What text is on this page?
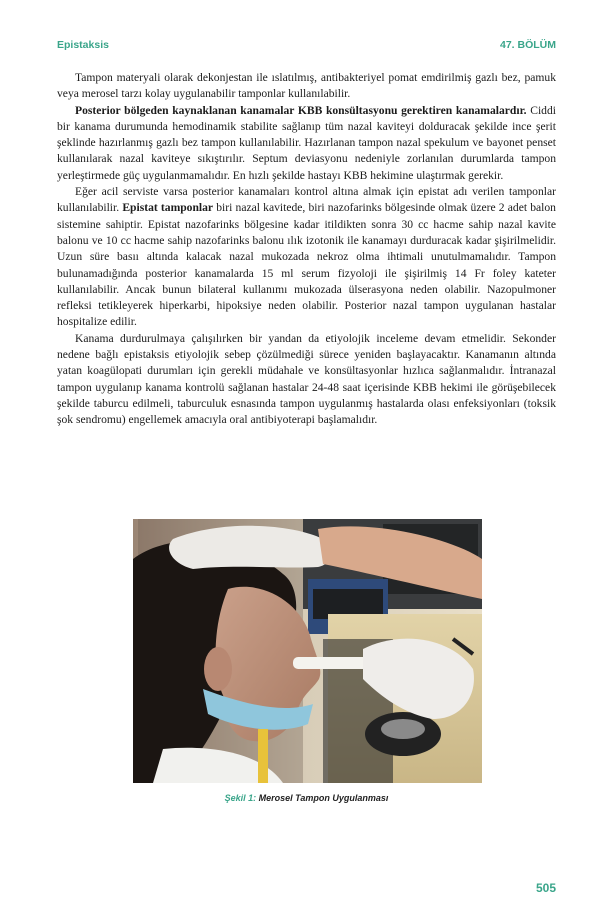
Epistaksis	47. BÖLÜM

Tampon materyali olarak dekonjestan ile ıslatılmış, antibakteriyel pomat emdirilmiş gazlı bez, pamuk veya merosel tarzı kolay uygulanabilir tamponlar kullanılabilir.

Posterior bölgeden kaynaklanan kanamalar KBB konsültasyonu gerektiren kanamalardır. Ciddi bir kanama durumunda hemodinamik stabilite sağlanıp tüm nazal kaviteyi dolduracak şekilde ince şerit şeklinde hazırlanmış gazlı bez tampon kullanılabilir. Hazırlanan tampon nazal spekulum ve bayonet penset kullanılarak nazal kaviteye sıkıştırılır. Septum deviasyonu nedeniyle zorlanılan durumlarda tampon yerleştirmede güç uygulanmamalıdır. En hızlı şekilde hastayı KBB hekimine ulaştırmak gerekir.

Eğer acil serviste varsa posterior kanamaları kontrol altına almak için epistat adı verilen tamponlar kullanılabilir. Epistat tamponlar biri nazal kavitede, biri nazofarinks bölgesinde olmak üzere 2 adet balon sistemine sahiptir. Epistat nazofarinks bölgesine kadar itildikten sonra 30 cc hacme sahip nazal kavite balonu ve 10 cc hacme sahip nazofarinks balonu ılık izotonik ile kanamayı durduracak kadar şişirilmelidir. Uzun süre basıı altında kalacak nazal mukozada nekroz olma ihtimali unutulmamalıdır. Tampon bulunamadığında posterior kanamalarda 15 ml serum fizyoloji ile şişirilmiş 14 Fr foley kateter kullanılabilir. Ancak bunun bilateral kullanımı mukozada ülserasyona neden olabilir. Nazopulmoner refleksi tetikleyerek hiperkarbi, hipoksiye neden olabilir. Posterior nazal tampon uygulanan hastalar hospitalize edilir.

Kanama durdurulmaya çalışılırken bir yandan da etiyolojik inceleme devam etmelidir. Sekonder nedene bağlı epistaksis etiyolojik sebep çözülmediği sürece yeniden başlayacaktır. Kanamanın altında yatan koagülopati durumları için gerekli müdahale ve konsültasyonlar hızlıca sağlanmalıdır. İntranazal tampon uygulanıp kanama kontrolü sağlanan hastalar 24-48 saat içerisinde KBB hekimi ile görüşebilecek şekilde taburcu edilmeli, taburculuk esnasında tampon uygulanmış hastalarda olası enfeksiyonları (toksik şok sendromu) engellemek amacıyla oral antibiyoterapi başlamalıdır.

Şekil 1: Merosel Tampon Uygulanması
505
